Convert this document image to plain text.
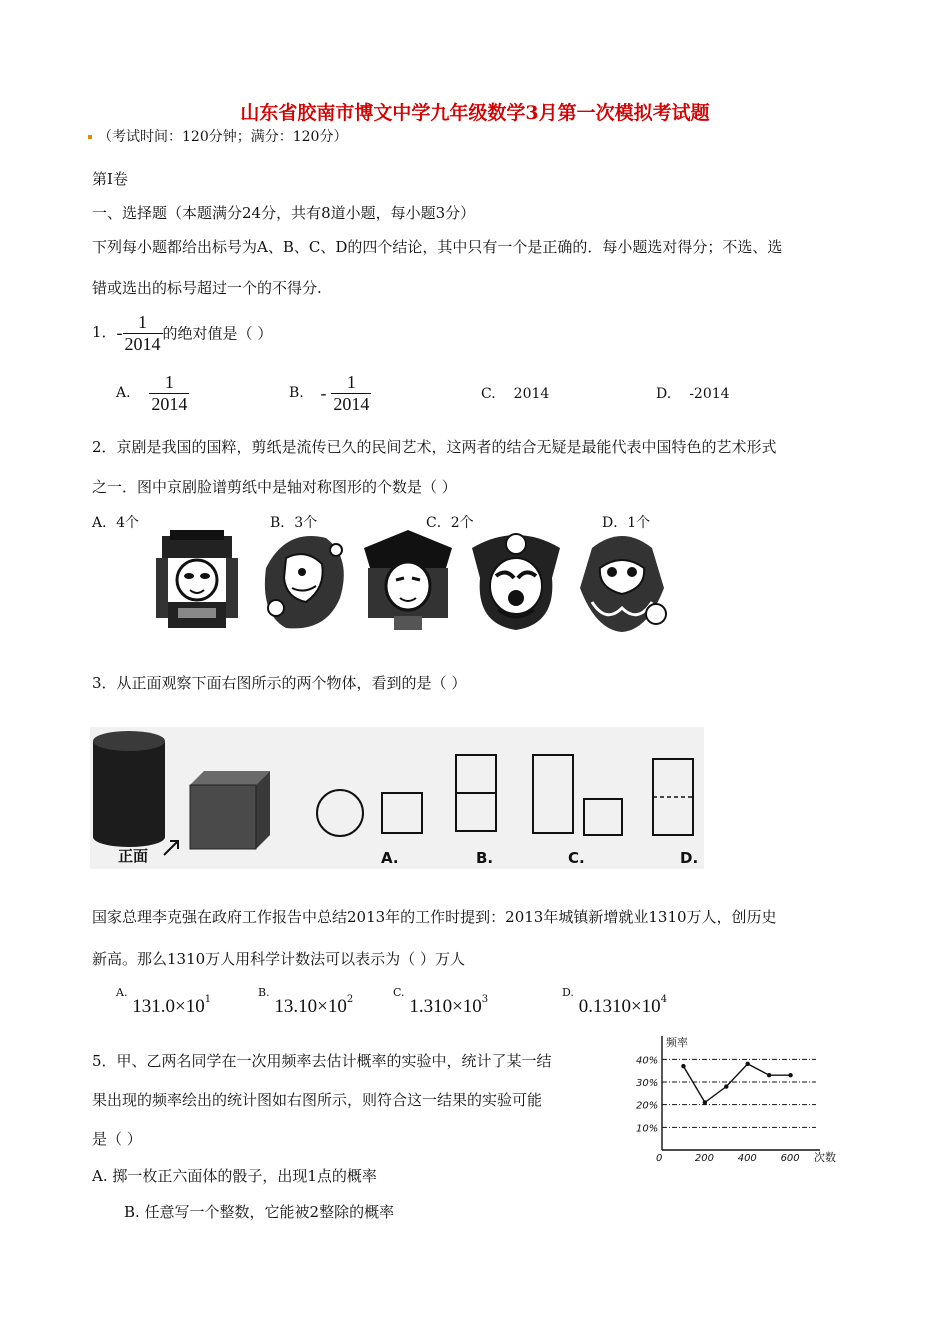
山东省胶南市博文中学九年级数学3月第一次模拟考试题
（考试时间：120分钟；满分：120分）
第Ⅰ卷
一、选择题（本题满分24分，共有8道小题，每小题3分）
下列每小题都给出标号为A、B、C、D的四个结论，其中只有一个是正确的．每小题选对得分；不选、选
错或选出的标号超过一个的不得分.
1．- $\frac{1}{2014}$ 的绝对值是（ ）
A. $\frac{1}{2014}$	B. - $\frac{1}{2014}$	C. 2014	D. -2014
2．京剧是我国的国粹，剪纸是流传已久的民间艺术，这两者的结合无疑是最能代表中国特色的艺术形式
之一．图中京剧脸谱剪纸中是轴对称图形的个数是（ ）
A．4个	B．3个	C．2个	D．1个
3．从正面观察下面右图所示的两个物体，看到的是（ ）
正面	A.	B.	C.	D.
国家总理李克强在政府工作报告中总结2013年的工作时提到：2013年城镇新增就业1310万人，创历史
新高。那么1310万人用科学计数法可以表示为（ ）万人
$^{A.}$ $131.0\times 10^1$
$^{B.}$ $13.10\times 10^2$
$^{C.}$ $1.310\times 10^3$
$^{D.}$ $0.1310\times 10^4$
5．甲、乙两名同学在一次用频率去估计概率的实验中，统计了某一结
果出现的频率绘出的统计图如右图所示，则符合这一结果的实验可能
是（ ）
A. 掷一枚正六面体的骰子，出现1点的概率
B. 任意写一个整数，它能被2整除的概率
频率
次数
10%
20%
30%
40%
0	200 400 600
